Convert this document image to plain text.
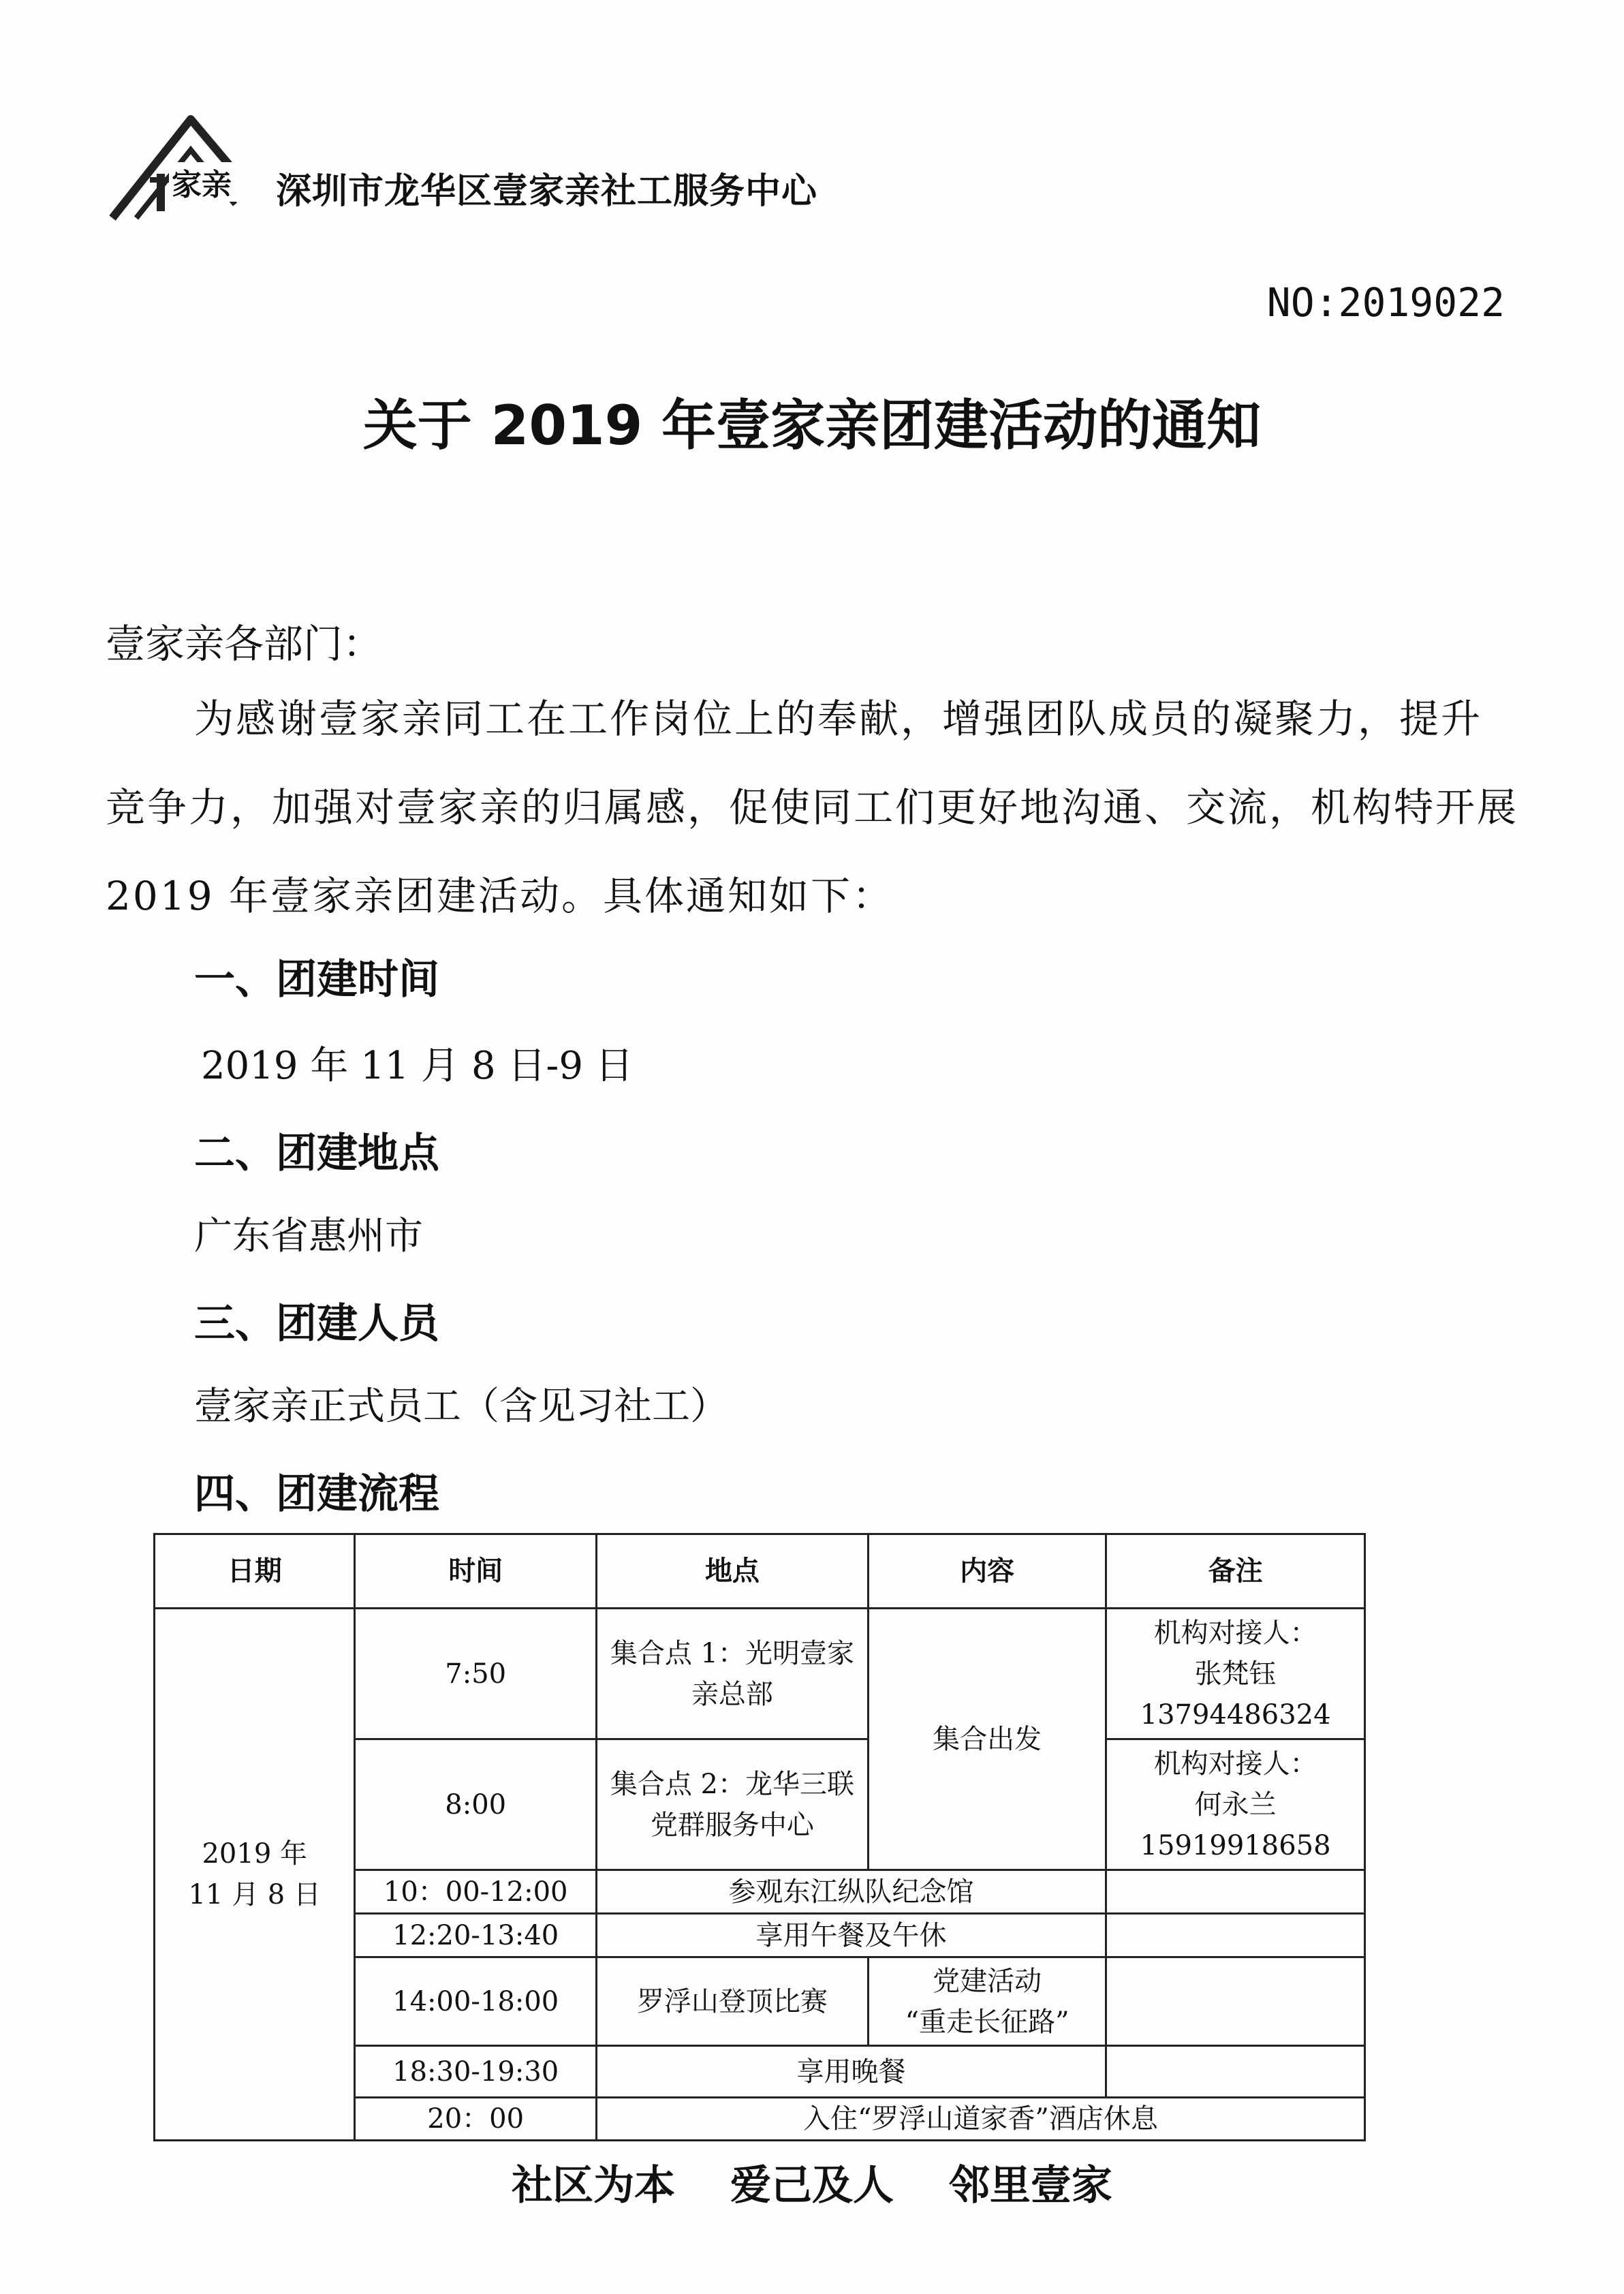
家亲 深圳市龙华区壹家亲社工服务中心
NO:2019022
关于 2019 年壹家亲团建活动的通知
壹家亲各部门：
为感谢壹家亲同工在工作岗位上的奉献，增强团队成员的凝聚力，提升竞争力，加强对壹家亲的归属感，促使同工们更好地沟通、交流，机构特开展 2019 年壹家亲团建活动。具体通知如下：
一、团建时间
2019 年 11 月 8 日-9 日
二、团建地点
广东省惠州市
三、团建人员
壹家亲正式员工（含见习社工）
四、团建流程
日期	时间	地点	内容	备注
2019 年
11 月 8 日	7:50	集合点 1：光明壹家亲总部	集合出发	机构对接人：
张梵钰
13794486324
	8:00	集合点 2：龙华三联党群服务中心		机构对接人：
何永兰
15919918658
	10：00-12:00	参观东江纵队纪念馆		
	12:20-13:40	享用午餐及午休		
	14:00-18:00	罗浮山登顶比赛	党建活动
“重走长征路”	
	18:30-19:30	享用晚餐		
	20：00	入住“罗浮山道家香”酒店休息		
社区为本 爱己及人 邻里壹家
